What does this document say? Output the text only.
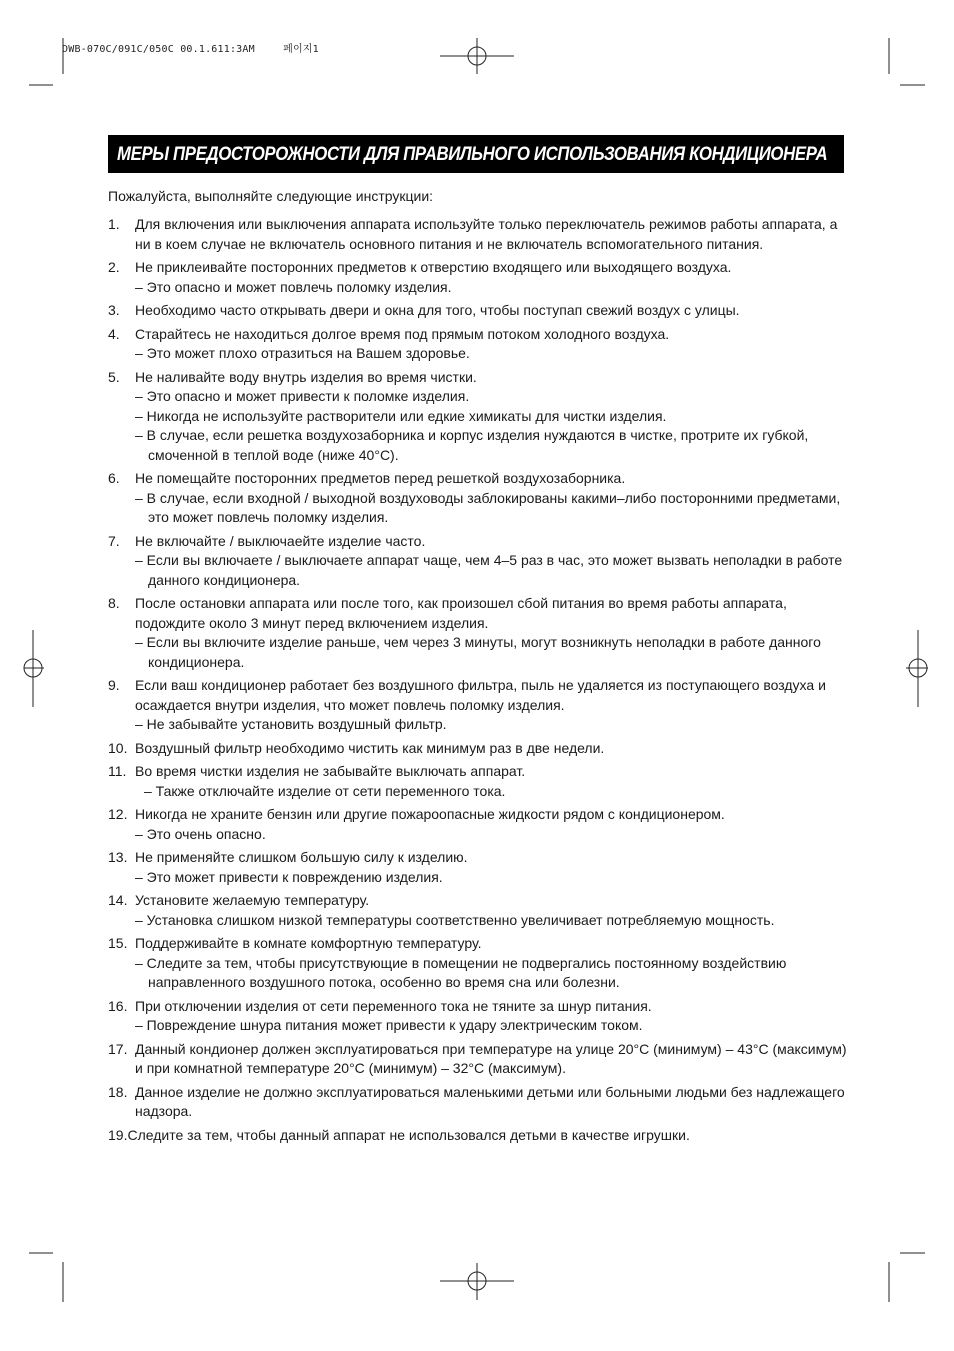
DWB-070C/091C/050C 00.1.611:3AM	페이지1
МЕРЫ ПРЕДОСТОРОЖНОСТИ ДЛЯ ПРАВИЛЬНОГО ИСПОЛЬЗОВАНИЯ КОНДИЦИОНЕРА
Пожалуйста, выполняйте следующие инструкции:
1. Для включения или выключения аппарата используйте только переключатель режимов работы аппарата, а ни в коем случае не включатель основного питания и не включатель вспомогательного питания.
2. Не приклеивайте посторонних предметов к отверстию входящего или выходящего воздуха.
– Это опасно и может повлечь поломку изделия.
3. Необходимо часто открывать двери и окна для того, чтобы поступап свежий воздух с улицы.
4. Старайтесь не находиться долгое время под прямым потоком холодного воздуха.
– Это может плохо отразиться на Вашем здоровье.
5. Не наливайте воду внутрь изделия во время чистки.
– Это опасно и может привести к поломке изделия.
– Никогда не используйте растворители или едкие химикаты для чистки изделия.
– В случае, если решетка воздухозаборника и корпус изделия нуждаются в чистке, протрите их губкой, смоченной в теплой воде (ниже 40°C).
6. Не помещайте посторонних предметов перед решеткой воздухозаборника.
– В случае, если входной / выходной воздуховоды заблокированы какими–либо посторонними предметами, это может повлечь поломку изделия.
7. Не включайте / выключаейте изделие часто.
– Если вы включаете / выключаете аппарат чаще, чем 4–5 раз в час, это может вызвать неполадки в работе данного кондиционера.
8. После остановки аппарата или после того, как произошел сбой питания во время работы аппарата, подождите около 3 минут перед включением изделия.
– Если вы включите изделие раньше, чем через 3 минуты, могут возникнуть неполадки в работе данного кондиционера.
9. Если ваш кондиционер работает без воздушного фильтра, пыль не удаляется из поступающего воздуха и осаждается внутри изделия, что может повлечь поломку изделия.
– Не забывайте установить воздушный фильтр.
10. Воздушный фильтр необходимо чистить как минимум раз в две недели.
11. Во время чистки изделия не забывайте выключать аппарат.
– Также отключайте изделие от сети переменного тока.
12. Никогда не храните бензин или другие пожароопасные жидкости рядом с кондиционером.
– Это очень опасно.
13. Не применяйте слишком большую силу к изделию.
– Это может привести к повреждению изделия.
14. Установите желаемую температуру.
– Установка слишком низкой температуры соответственно увеличивает потребляемую мощность.
15. Поддерживайте в комнате комфортную температуру.
– Следите за тем, чтобы присутствующие в помещении не подвергались постоянному воздействию направленного воздушного потока, особенно во время сна или болезни.
16. При отключении изделия от сети переменного тока не тяните за шнур питания.
– Повреждение шнура питания может привести к удару электрическим током.
17. Данный кондионер должен эксплуатироваться при температуре на улице 20°C (минимум) – 43°C (максимум) и при комнатной температуре 20°C (минимум) – 32°C (максимум).
18. Данное изделие не должно эксплуатироваться маленькими детьми или больными людьми без надлежащего надзора.
19.Следите за тем, чтобы данный аппарат не использовался детьми в качестве игрушки.
